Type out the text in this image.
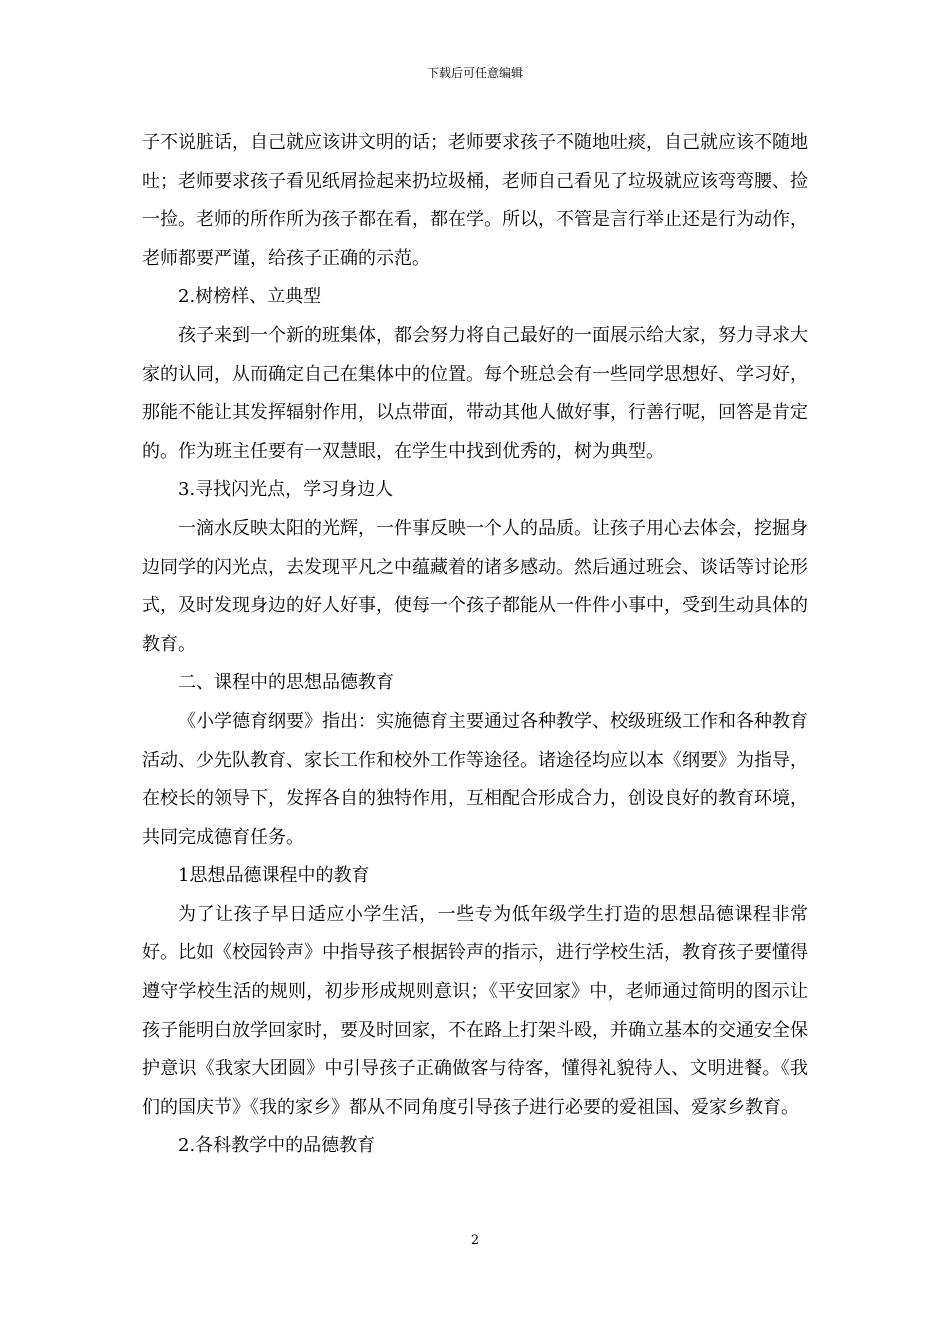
下载后可任意编辑

子不说脏话，自己就应该讲文明的话；老师要求孩子不随地吐痰，自己就应该不随地吐；老师要求孩子看见纸屑捡起来扔垃圾桶，老师自己看见了垃圾就应该弯弯腰、捡一捡。老师的所作所为孩子都在看，都在学。所以，不管是言行举止还是行为动作，老师都要严谨，给孩子正确的示范。

2.树榜样、立典型

孩子来到一个新的班集体，都会努力将自己最好的一面展示给大家，努力寻求大家的认同，从而确定自己在集体中的位置。每个班总会有一些同学思想好、学习好，那能不能让其发挥辐射作用，以点带面，带动其他人做好事，行善行呢，回答是肯定的。作为班主任要有一双慧眼，在学生中找到优秀的，树为典型。

3.寻找闪光点，学习身边人

一滴水反映太阳的光辉，一件事反映一个人的品质。让孩子用心去体会，挖掘身边同学的闪光点，去发现平凡之中蕴藏着的诸多感动。然后通过班会、谈话等讨论形式，及时发现身边的好人好事，使每一个孩子都能从一件件小事中，受到生动具体的教育。

二、课程中的思想品德教育

《小学德育纲要》指出：实施德育主要通过各种教学、校级班级工作和各种教育活动、少先队教育、家长工作和校外工作等途径。诸途径均应以本《纲要》为指导，在校长的领导下，发挥各自的独特作用，互相配合形成合力，创设良好的教育环境，共同完成德育任务。

1思想品德课程中的教育

为了让孩子早日适应小学生活，一些专为低年级学生打造的思想品德课程非常好。比如《校园铃声》中指导孩子根据铃声的指示，进行学校生活，教育孩子要懂得遵守学校生活的规则，初步形成规则意识；《平安回家》中，老师通过简明的图示让孩子能明白放学回家时，要及时回家，不在路上打架斗殴，并确立基本的交通安全保护意识《我家大团圆》中引导孩子正确做客与待客，懂得礼貌待人、文明进餐。《我们的国庆节》《我的家乡》都从不同角度引导孩子进行必要的爱祖国、爱家乡教育。

2.各科教学中的品德教育

2
